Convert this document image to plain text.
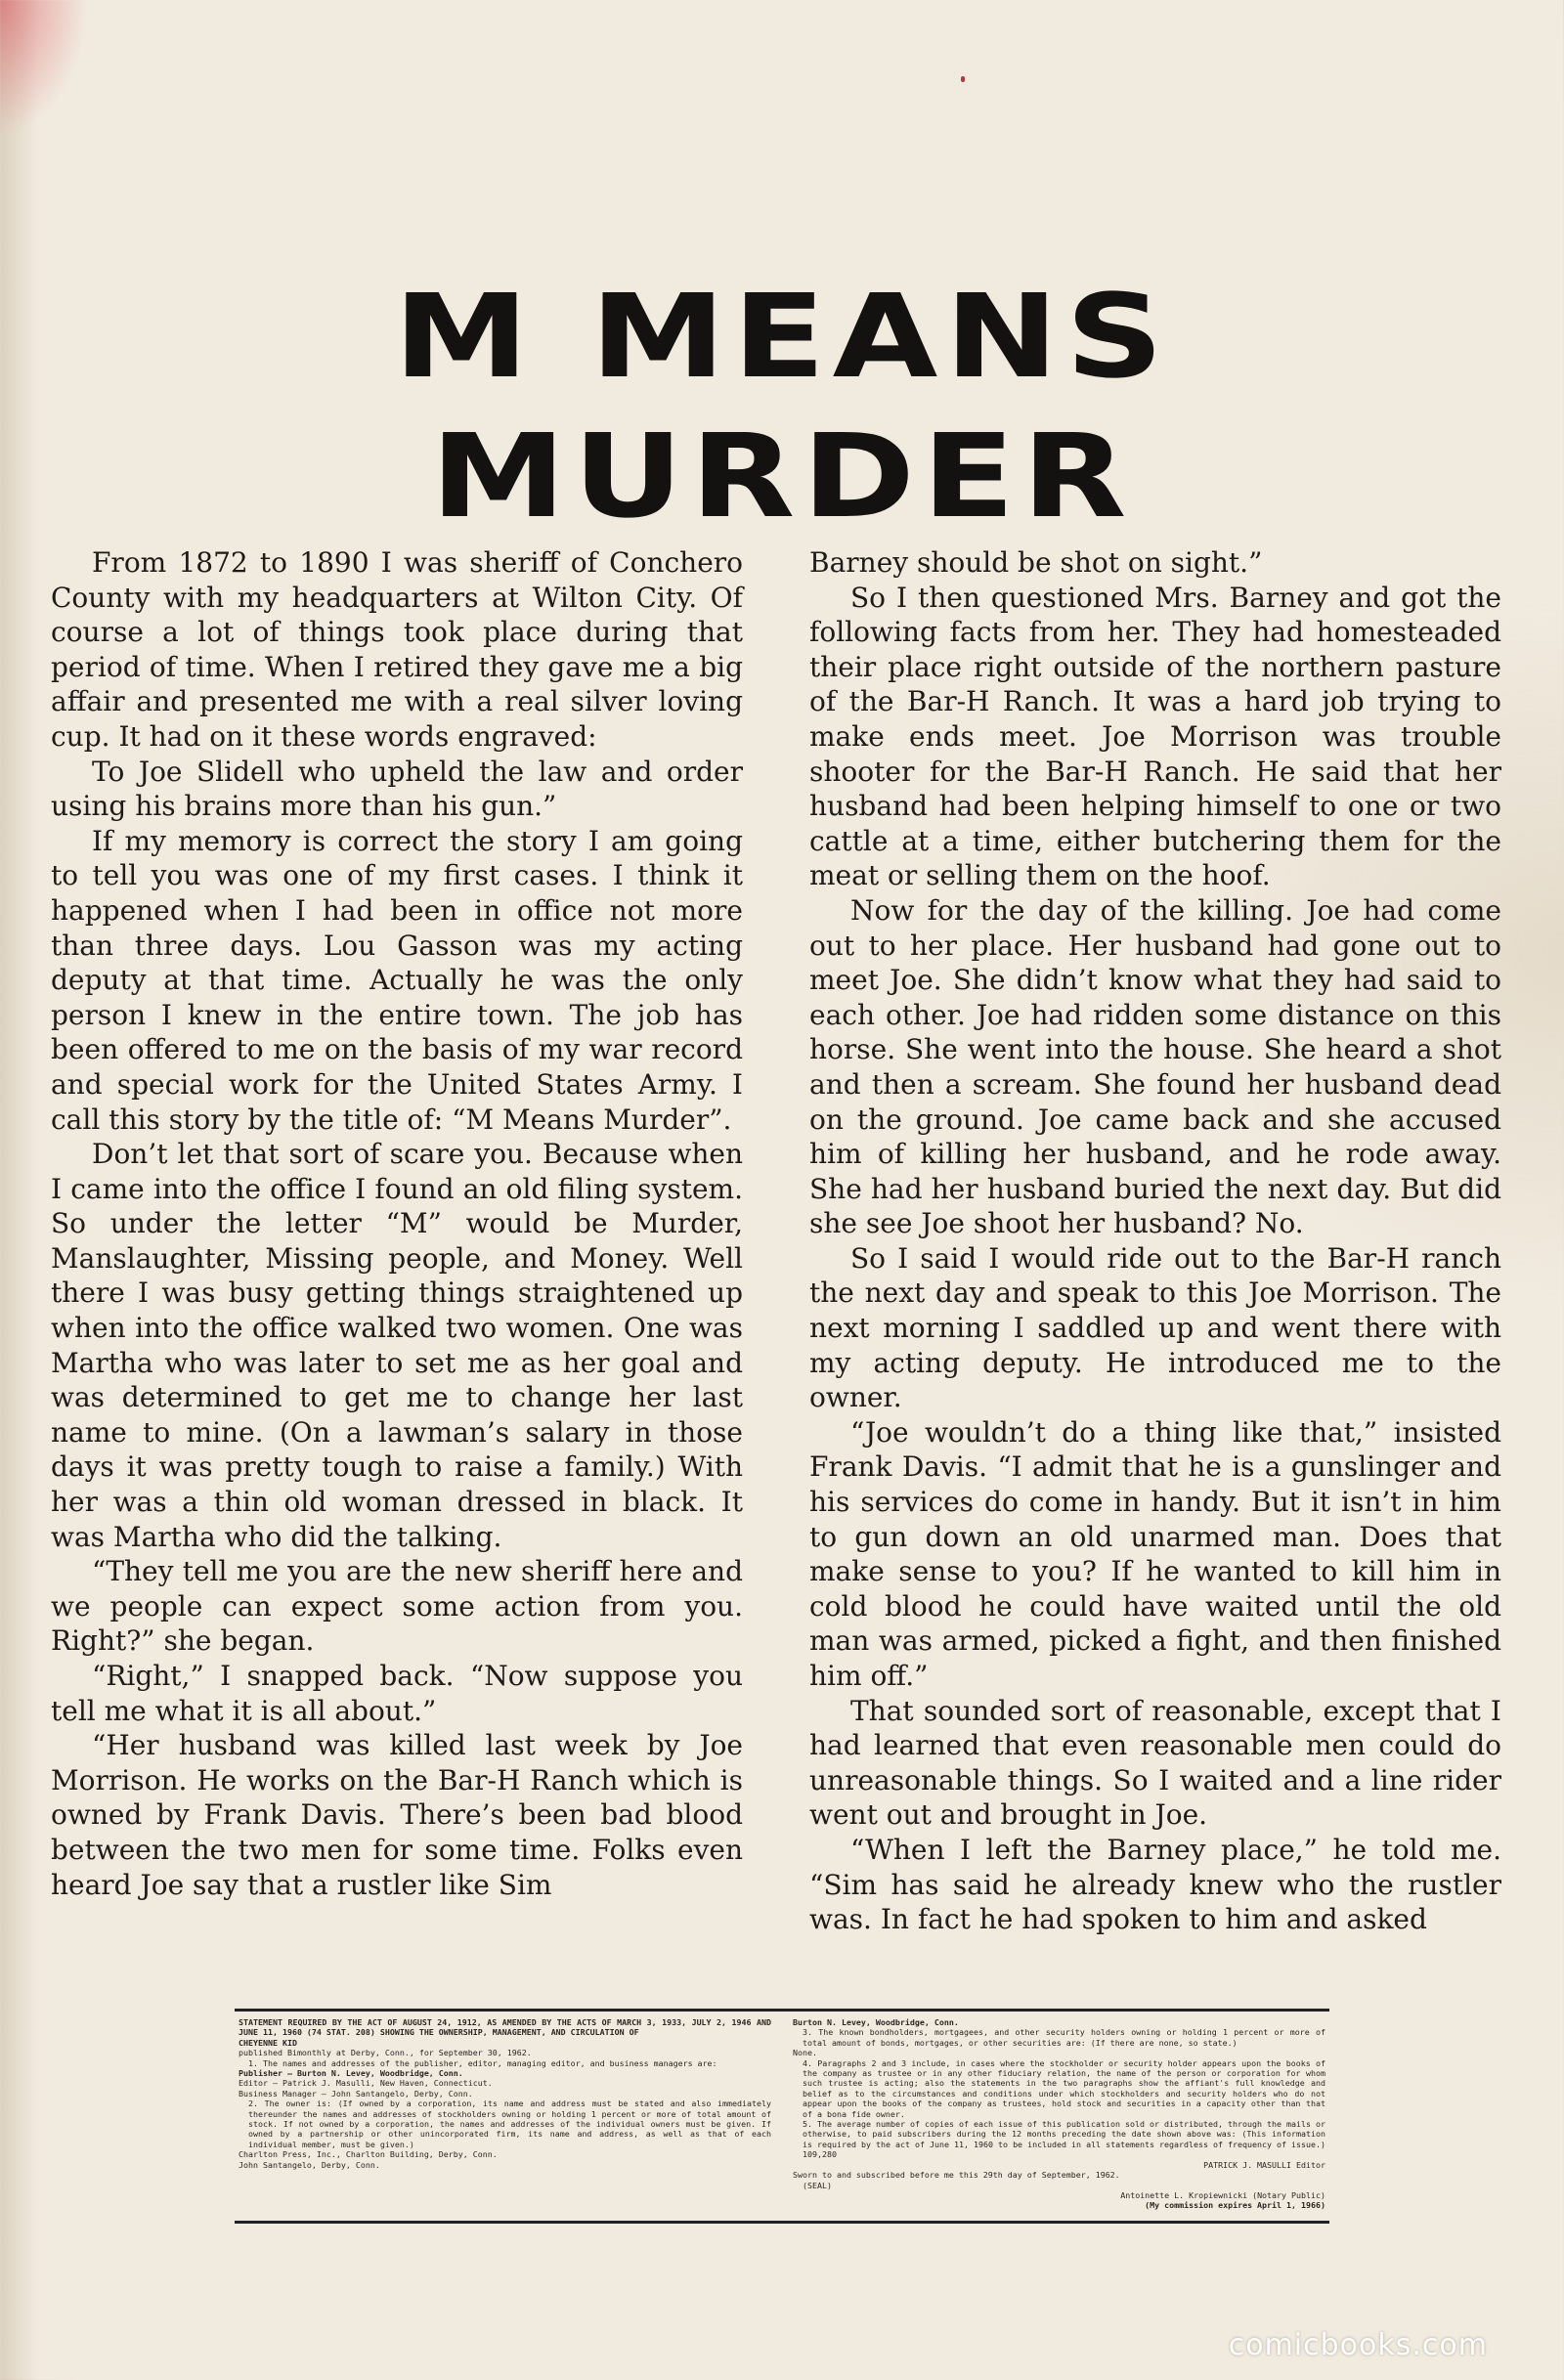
M MEANS
MURDER

From 1872 to 1890 I was sheriff of Conchero County with my headquarters at Wilton City. Of course a lot of things took place during that period of time. When I retired they gave me a big affair and presented me with a real silver loving cup. It had on it these words engraved:

To Joe Slidell who upheld the law and order using his brains more than his gun.”

If my memory is correct the story I am going to tell you was one of my first cases. I think it happened when I had been in office not more than three days. Lou Gasson was my acting deputy at that time. Actually he was the only person I knew in the entire town. The job has been offered to me on the basis of my war record and special work for the United States Army. I call this story by the title of: “M Means Murder”.

Don’t let that sort of scare you. Because when I came into the office I found an old filing system. So under the letter “M” would be Murder, Manslaughter, Missing people, and Money. Well there I was busy getting things straightened up when into the office walked two women. One was Martha who was later to set me as her goal and was determined to get me to change her last name to mine. (On a lawman’s salary in those days it was pretty tough to raise a family.) With her was a thin old woman dressed in black. It was Martha who did the talking.

“They tell me you are the new sheriff here and we people can expect some action from you. Right?” she began.

“Right,” I snapped back. “Now suppose you tell me what it is all about.”

“Her husband was killed last week by Joe Morrison. He works on the Bar-H Ranch which is owned by Frank Davis. There’s been bad blood between the two men for some time. Folks even heard Joe say that a rustler like Sim

Barney should be shot on sight.”

So I then questioned Mrs. Barney and got the following facts from her. They had homesteaded their place right outside of the northern pasture of the Bar-H Ranch. It was a hard job trying to make ends meet. Joe Morrison was trouble shooter for the Bar-H Ranch. He said that her husband had been helping himself to one or two cattle at a time, either butchering them for the meat or selling them on the hoof.

Now for the day of the killing. Joe had come out to her place. Her husband had gone out to meet Joe. She didn’t know what they had said to each other. Joe had ridden some distance on this horse. She went into the house. She heard a shot and then a scream. She found her husband dead on the ground. Joe came back and she accused him of killing her husband, and he rode away. She had her husband buried the next day. But did she see Joe shoot her husband? No.

So I said I would ride out to the Bar-H ranch the next day and speak to this Joe Morrison. The next morning I saddled up and went there with my acting deputy. He introduced me to the owner.

“Joe wouldn’t do a thing like that,” insisted Frank Davis. “I admit that he is a gunslinger and his services do come in handy. But it isn’t in him to gun down an old unarmed man. Does that make sense to you? If he wanted to kill him in cold blood he could have waited until the old man was armed, picked a fight, and then finished him off.”

That sounded sort of reasonable, except that I had learned that even reasonable men could do unreasonable things. So I waited and a line rider went out and brought in Joe.

“When I left the Barney place,” he told me. “Sim has said he already knew who the rustler was. In fact he had spoken to him and asked

STATEMENT REQUIRED BY THE ACT OF AUGUST 24, 1912, AS AMENDED BY THE ACTS OF MARCH 3, 1933, JULY 2, 1946 AND JUNE 11, 1960 (74 STAT. 208) SHOWING THE OWNERSHIP, MANAGEMENT, AND CIRCULATION OF
CHEYENNE KID
published Bimonthly at Derby, Conn., for September 30, 1962.
1. The names and addresses of the publisher, editor, managing editor, and business managers are:
Publisher — Burton N. Levey, Woodbridge, Conn.
Editor — Patrick J. Masulli, New Haven, Connecticut.
Business Manager — John Santangelo, Derby, Conn.
2. The owner is: (If owned by a corporation, its name and address must be stated and also immediately thereunder the names and addresses of stockholders owning or holding 1 percent or more of total amount of stock. If not owned by a corporation, the names and addresses of the individual owners must be given. If owned by a partnership or other unincorporated firm, its name and address, as well as that of each individual member, must be given.)
Charlton Press, Inc., Charlton Building, Derby, Conn.
John Santangelo, Derby, Conn.
Burton N. Levey, Woodbridge, Conn.
3. The known bondholders, mortgagees, and other security holders owning or holding 1 percent or more of total amount of bonds, mortgages, or other securities are: (If there are none, so state.)
None.
4. Paragraphs 2 and 3 include, in cases where the stockholder or security holder appears upon the books of the company as trustee or in any other fiduciary relation, the name of the person or corporation for whom such trustee is acting; also the statements in the two paragraphs show the affiant's full knowledge and belief as to the circumstances and conditions under which stockholders and security holders who do not appear upon the books of the company as trustees, hold stock and securities in a capacity other than that of a bona fide owner.
5. The average number of copies of each issue of this publication sold or distributed, through the mails or otherwise, to paid subscribers during the 12 months preceding the date shown above was: (This information is required by the act of June 11, 1960 to be included in all statements regardless of frequency of issue.) 109,280
PATRICK J. MASULLI Editor
Sworn to and subscribed before me this 29th day of September, 1962.
(SEAL)
Antoinette L. Kropiewnicki (Notary Public)
(My commission expires April 1, 1966)
comicbooks.com
